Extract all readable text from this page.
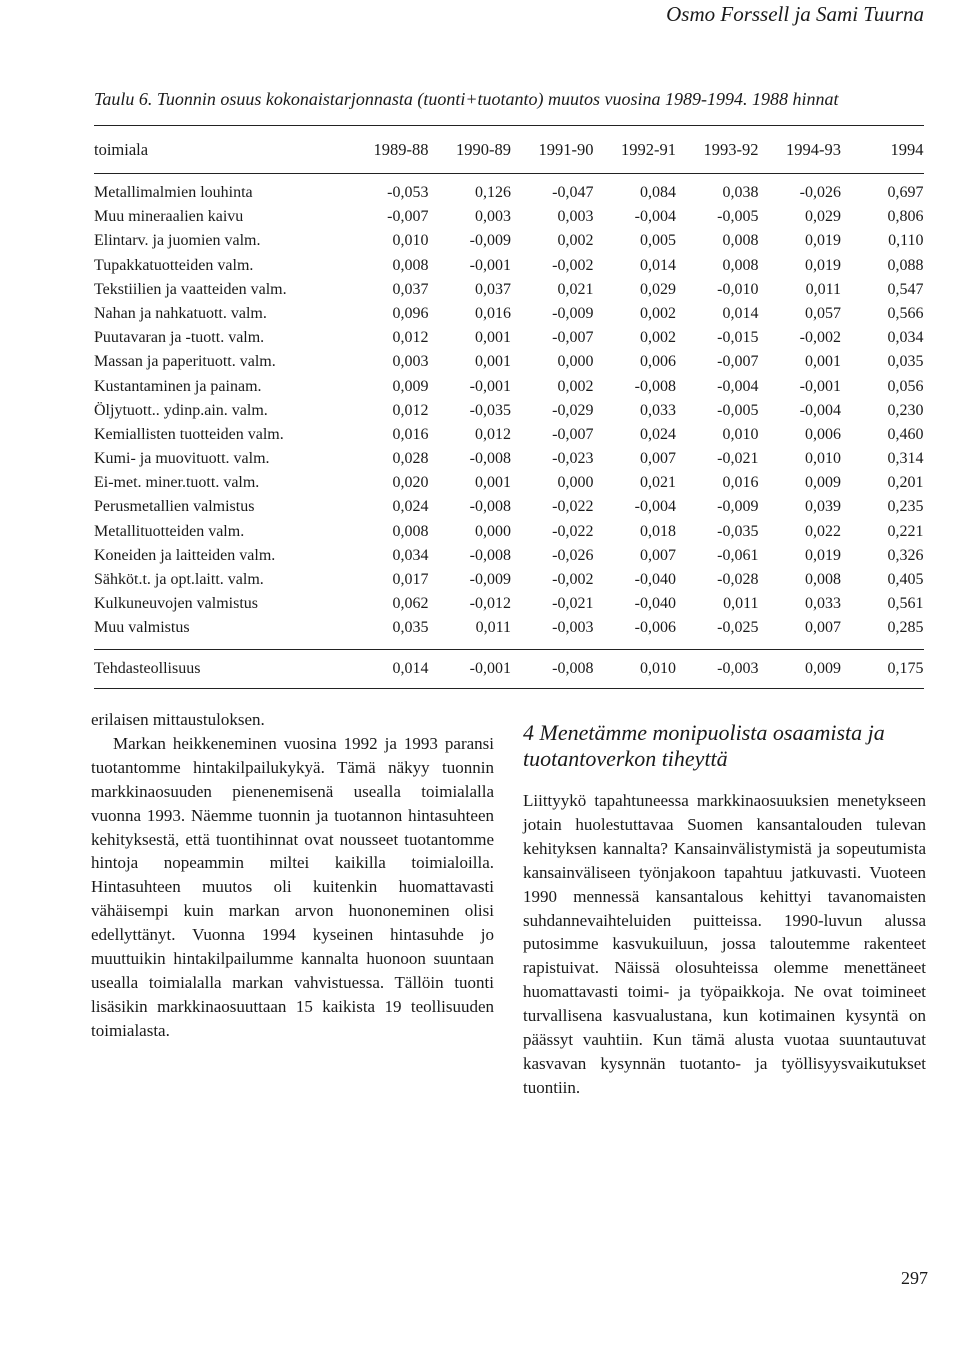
Osmo Forssell ja Sami Tuurna
Taulu 6. Tuonnin osuus kokonaistarjonnasta (tuonti+tuotanto) muutos vuosina 1989-1994. 1988 hinnat
toimiala	1989-88	1990-89	1991-90	1992-91	1993-92	1994-93	1994
Metallimalmien louhinta	-0,053	0,126	-0,047	0,084	0,038	-0,026	0,697
Muu mineraalien kaivu	-0,007	0,003	0,003	-0,004	-0,005	0,029	0,806
Elintarv. ja juomien valm.	0,010	-0,009	0,002	0,005	0,008	0,019	0,110
Tupakkatuotteiden valm.	0,008	-0,001	-0,002	0,014	0,008	0,019	0,088
Tekstiilien ja vaatteiden valm.	0,037	0,037	0,021	0,029	-0,010	0,011	0,547
Nahan ja nahkatuott. valm.	0,096	0,016	-0,009	0,002	0,014	0,057	0,566
Puutavaran ja -tuott. valm.	0,012	0,001	-0,007	0,002	-0,015	-0,002	0,034
Massan ja paperituott. valm.	0,003	0,001	0,000	0,006	-0,007	0,001	0,035
Kustantaminen ja painam.	0,009	-0,001	0,002	-0,008	-0,004	-0,001	0,056
Öljytuott.. ydinp.ain. valm.	0,012	-0,035	-0,029	0,033	-0,005	-0,004	0,230
Kemiallisten tuotteiden valm.	0,016	0,012	-0,007	0,024	0,010	0,006	0,460
Kumi- ja muovituott. valm.	0,028	-0,008	-0,023	0,007	-0,021	0,010	0,314
Ei-met. miner.tuott. valm.	0,020	0,001	0,000	0,021	0,016	0,009	0,201
Perusmetallien valmistus	0,024	-0,008	-0,022	-0,004	-0,009	0,039	0,235
Metallituotteiden valm.	0,008	0,000	-0,022	0,018	-0,035	0,022	0,221
Koneiden ja laitteiden valm.	0,034	-0,008	-0,026	0,007	-0,061	0,019	0,326
Sähköt.t. ja opt.laitt. valm.	0,017	-0,009	-0,002	-0,040	-0,028	0,008	0,405
Kulkuneuvojen valmistus	0,062	-0,012	-0,021	-0,040	0,011	0,033	0,561
Muu valmistus	0,035	0,011	-0,003	-0,006	-0,025	0,007	0,285
Tehdasteollisuus	0,014	-0,001	-0,008	0,010	-0,003	0,009	0,175

erilaisen mittaustuloksen.

Markan heikkeneminen vuosina 1992 ja 1993 paransi tuotantomme hintakilpailukykyä. Tämä näkyy tuonnin markkinaosuuden pienenemisenä usealla toimialalla vuonna 1993. Näemme tuonnin ja tuotannon hintasuhteen kehityksestä, että tuontihinnat ovat nousseet tuotantomme hintoja nopeammin miltei kaikilla toimialoilla. Hintasuhteen muutos oli kuitenkin huomattavasti vähäisempi kuin markan arvon huononeminen olisi edellyttänyt. Vuonna 1994 kyseinen hintasuhde jo muuttuikin hintakilpailumme kannalta huonoon suuntaan usealla toimialalla markan vahvistuessa. Tällöin tuonti lisäsikin markkinaosuuttaan 15 kaikista 19 teollisuuden toimialasta.

4 Menetämme monipuolista osaamista ja tuotantoverkon tiheyttä

Liittyykö tapahtuneessa markkinaosuuksien menetykseen jotain huolestuttavaa Suomen kansantalouden tulevan kehityksen kannalta? Kansainvälistymistä ja sopeutumista kansainväliseen työnjakoon tapahtuu jatkuvasti. Vuoteen 1990 mennessä kansantalous kehittyi tavanomaisten suhdannevaihteluiden puitteissa. 1990-luvun alussa putosimme kasvukuiluun, jossa taloutemme rakenteet rapistuivat. Näissä olosuhteissa olemme menettäneet huomattavasti toimi- ja työpaikkoja. Ne ovat toimineet turvallisena kasvualustana, kun kotimainen kysyntä on päässyt vauhtiin. Kun tämä alusta vuotaa suuntautuvat kasvavan kysynnän tuotanto- ja työllisyysvaikutukset tuontiin.

297
